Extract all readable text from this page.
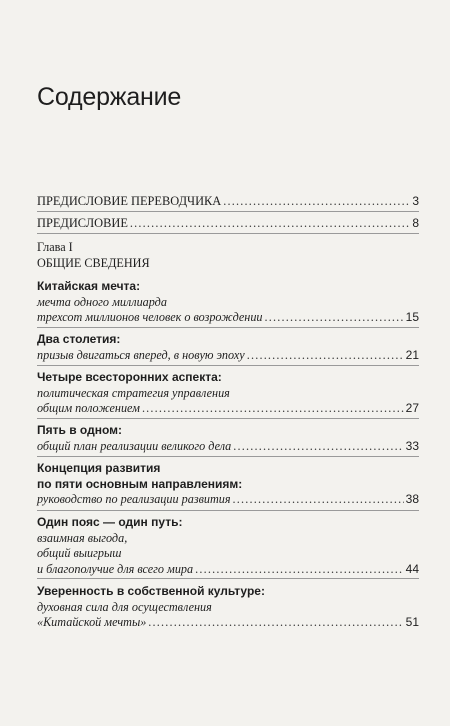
Содержание
ПРЕДИСЛОВИЕ ПЕРЕВОДЧИКА .....	3
ПРЕДИСЛОВИЕ .....	8
Глава I
ОБЩИЕ СВЕДЕНИЯ
Китайская мечта:
мечта одного миллиарда
трехсот миллионов человек о возрождении .....	15
Два столетия:
призыв двигаться вперед, в новую эпоху .....	21
Четыре всесторонних аспекта:
политическая стратегия управления
общим положением .....	27
Пять в одном:
общий план реализации великого дела .....	33
Концепция развития
по пяти основным направлениям:
руководство по реализации развития .....	38
Один пояс — один путь:
взаимная выгода,
общий выигрыш
и благополучие для всего мира .....	44
Уверенность в собственной культуре:
духовная сила для осуществления
«Китайской мечты» .....	51
